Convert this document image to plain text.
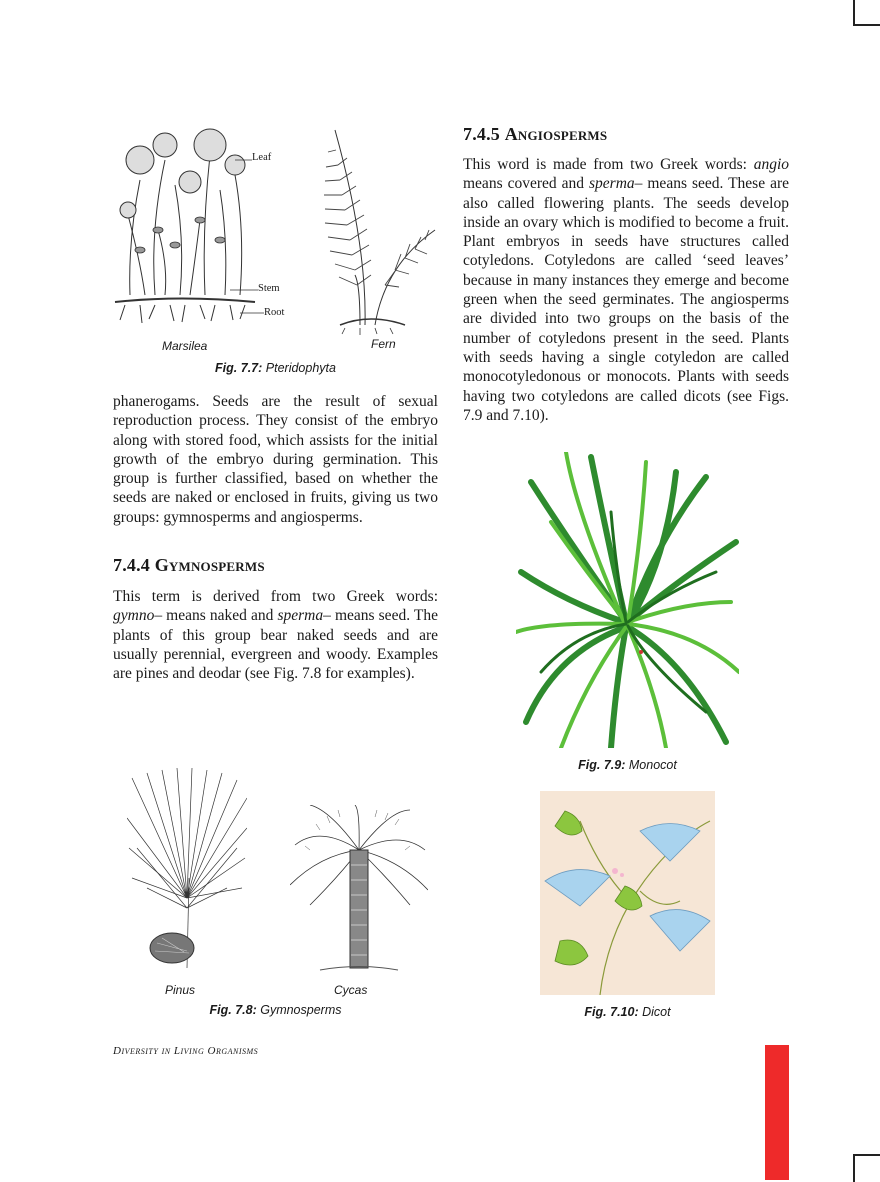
Leaf
Stem
Root
Marsilea	Fern
Fig. 7.7: Pteridophyta

phanerogams. Seeds are the result of sexual reproduction process. They consist of the embryo along with stored food, which assists for the initial growth of the embryo during germination. This group is further classified, based on whether the seeds are naked or enclosed in fruits, giving us two groups: gymnosperms and angiosperms.

7.4.4 Gymnosperms

This term is derived from two Greek words: gymno– means naked and sperma– means seed. The plants of this group bear naked seeds and are usually perennial, evergreen and woody. Examples are pines and deodar (see Fig. 7.8 for examples).

7.4.5 Angiosperms

This word is made from two Greek words: angio means covered and sperma– means seed. These are also called flowering plants. The seeds develop inside an ovary which is modified to become a fruit. Plant embryos in seeds have structures called cotyledons. Cotyledons are called ‘seed leaves’ because in many instances they emerge and become green when the seed germinates. The angiosperms are divided into two groups on the basis of the number of cotyledons present in the seed. Plants with seeds having a single cotyledon are called monocotyledonous or monocots. Plants with seeds having two cotyledons are called dicots (see Figs. 7.9 and 7.10).

Fig. 7.9: Monocot
Pinus	Cycas
Fig. 7.8: Gymnosperms	Fig. 7.10: Dicot
Diversity in Living Organisms
